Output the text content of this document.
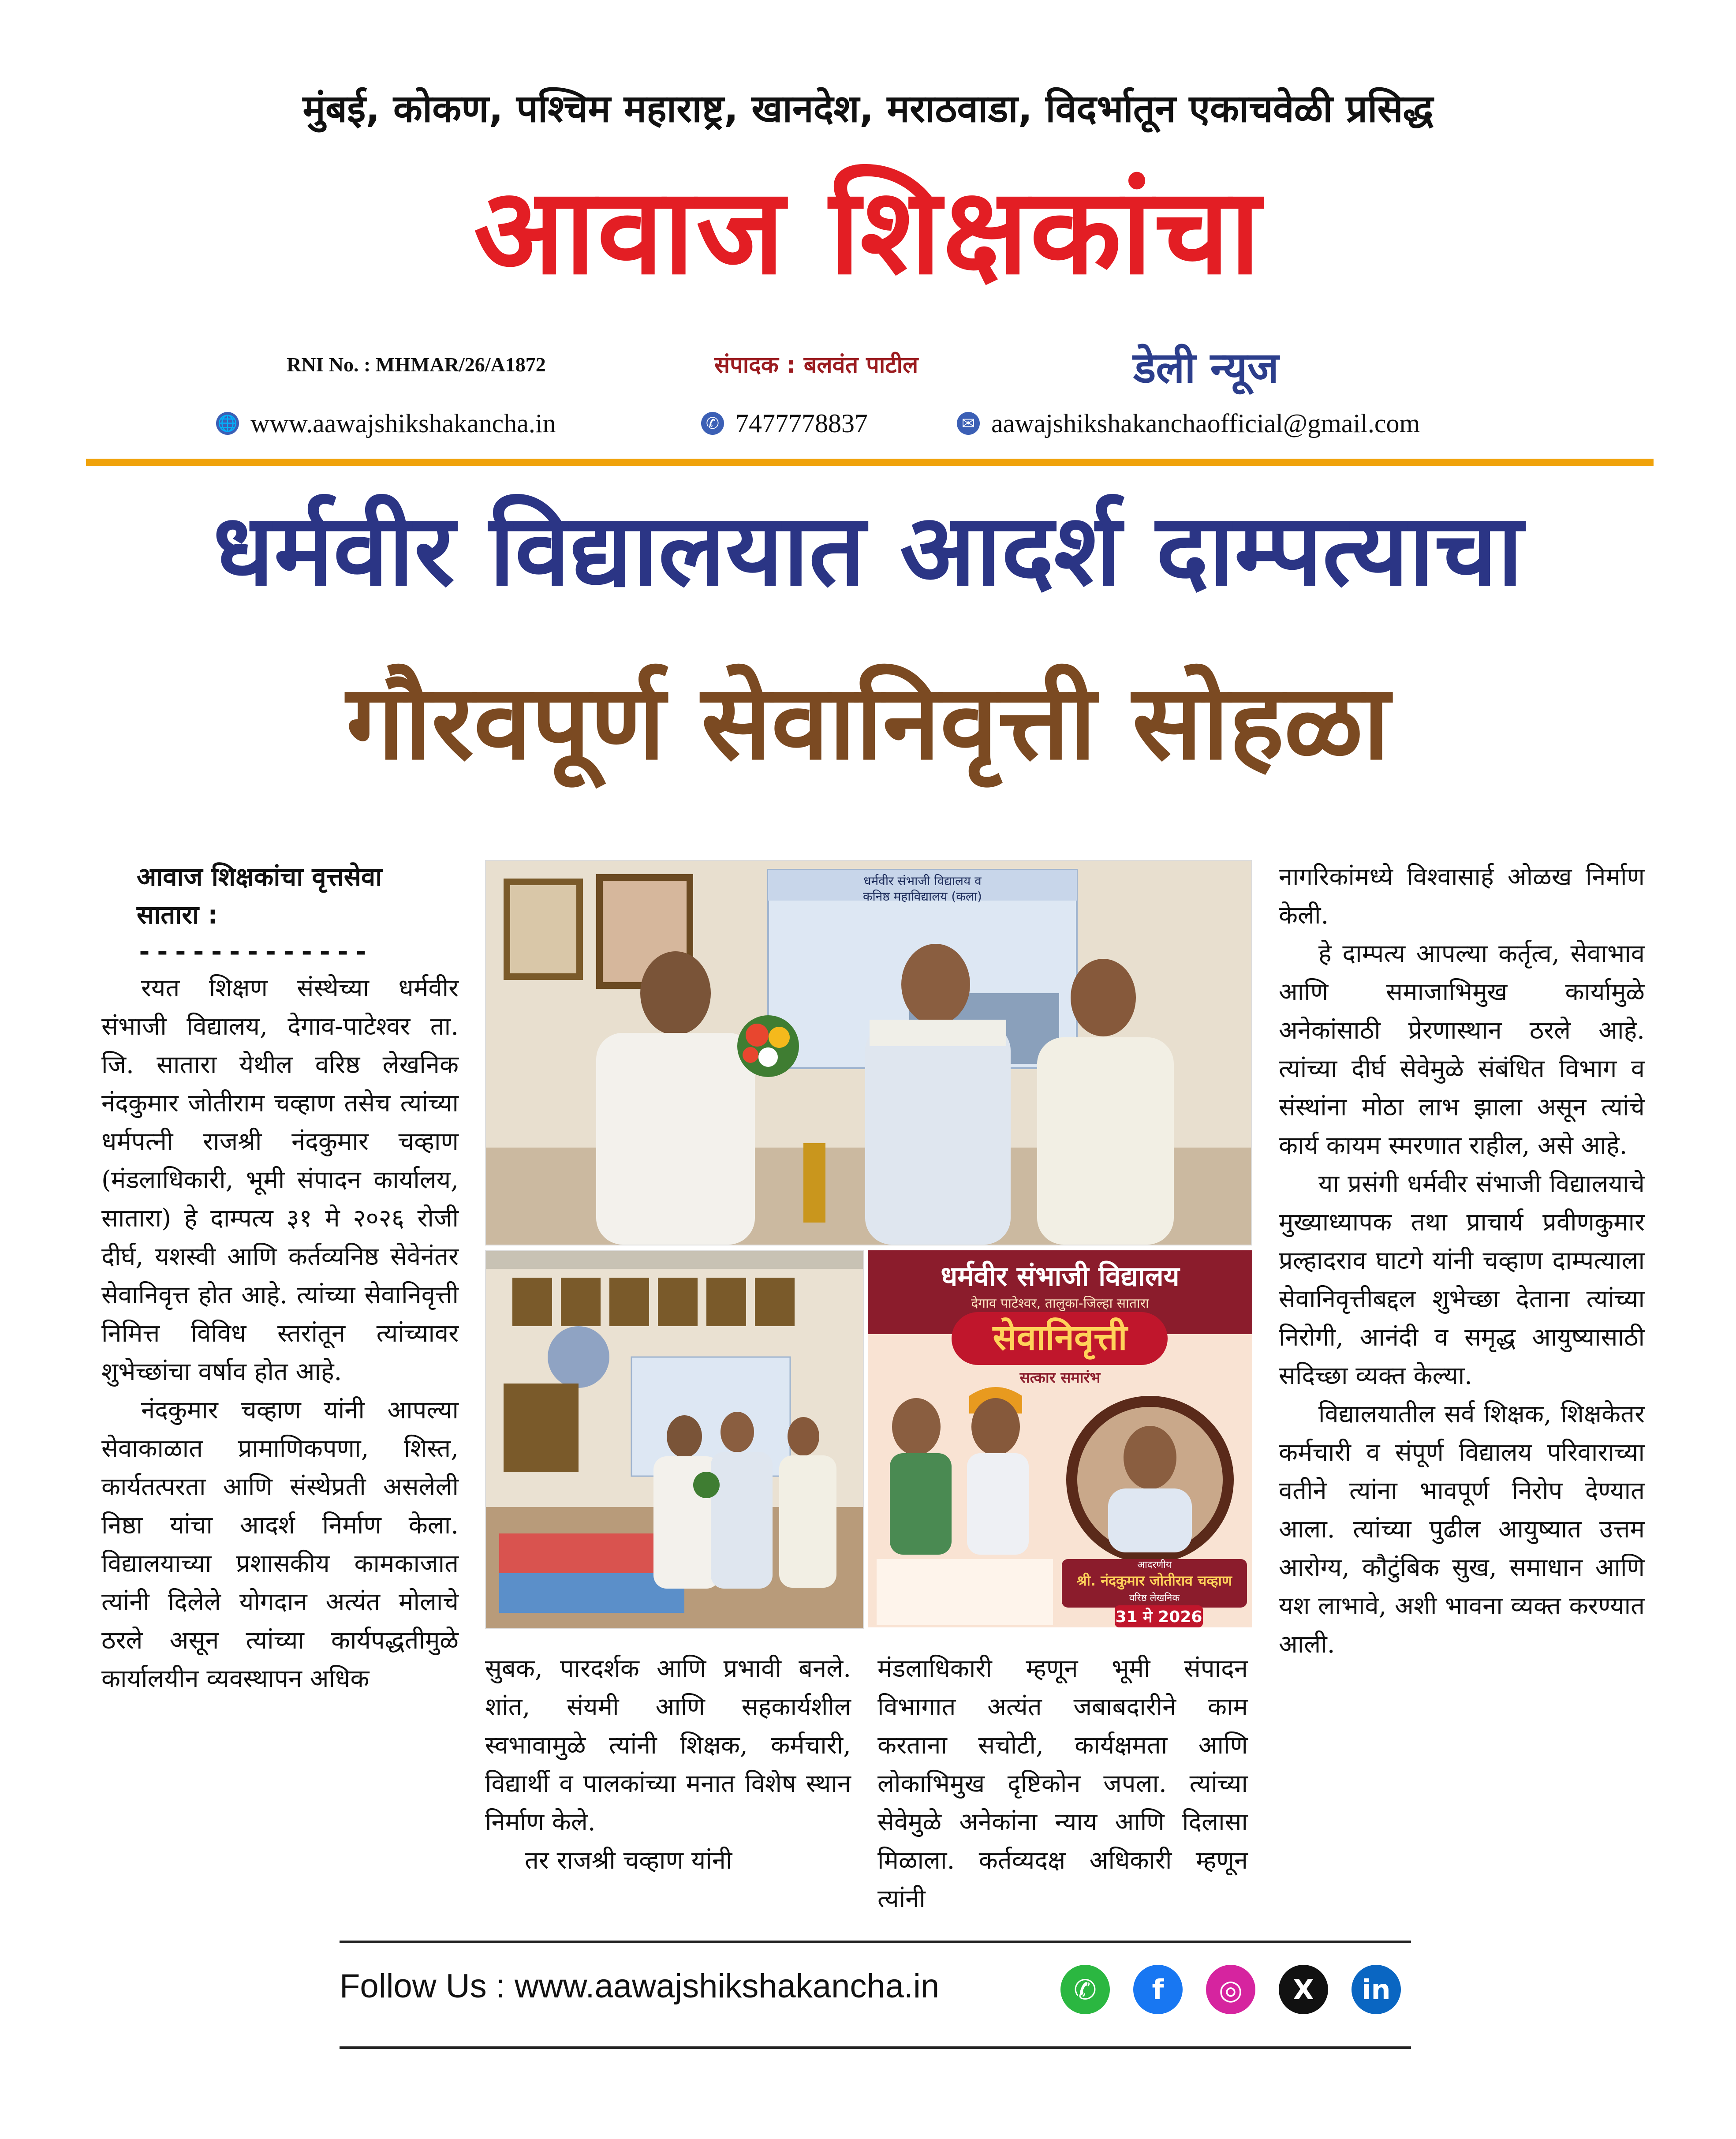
मुंबई, कोकण, पश्चिम महाराष्ट्र, खानदेश, मराठवाडा, विदर्भातून एकाचवेळी प्रसिद्ध
आवाज शिक्षकांचा
RNI No. : MHMAR/26/A1872	संपादक : बलवंत पाटील	डेली न्यूज
🌐 www.aawajshikshakancha.in	✆ 7477778837	✉ aawajshikshakanchaofficial@gmail.com
धर्मवीर विद्यालयात आदर्श दाम्पत्याचा
गौरवपूर्ण सेवानिवृत्ती सोहळा
आवाज शिक्षकांचा वृत्तसेवा
सातारा :
-------------

रयत शिक्षण संस्थेच्या धर्मवीर संभाजी विद्यालय, देगाव-पाटेश्वर ता. जि. सातारा येथील वरिष्ठ लेखनिक नंदकुमार जोतीराम चव्हाण तसेच त्यांच्या धर्मपत्नी राजश्री नंदकुमार चव्हाण (मंडलाधिकारी, भूमी संपादन कार्यालय, सातारा) हे दाम्पत्य ३१ मे २०२६ रोजी दीर्घ, यशस्वी आणि कर्तव्यनिष्ठ सेवेनंतर सेवानिवृत्त होत आहे. त्यांच्या सेवानिवृत्ती निमित्त विविध स्तरांतून त्यांच्यावर शुभेच्छांचा वर्षाव होत आहे.

नंदकुमार चव्हाण यांनी आपल्या सेवाकाळात प्रामाणिकपणा, शिस्त, कार्यतत्परता आणि संस्थेप्रती असलेली निष्ठा यांचा आदर्श निर्माण केला. विद्यालयाच्या प्रशासकीय कामकाजात त्यांनी दिलेले योगदान अत्यंत मोलाचे ठरले असून त्यांच्या कार्यपद्धतीमुळे कार्यालयीन व्यवस्थापन अधिक

धर्मवीर संभाजी विद्यालय व
कनिष्ठ महाविद्यालय (कला)
धर्मवीर संभाजी विद्यालय
देगाव पाटेश्वर, तालुका-जिल्हा सातारा
सेवानिवृत्ती
सत्कार समारंभ
आदरणीय
श्री. नंदकुमार जोतीराव चव्हाण
वरिष्ठ लेखनिक
31 मे 2026

सुबक, पारदर्शक आणि प्रभावी बनले. शांत, संयमी आणि सहकार्यशील स्वभावामुळे त्यांनी शिक्षक, कर्मचारी, विद्यार्थी व पालकांच्या मनात विशेष स्थान निर्माण केले.

तर राजश्री चव्हाण यांनी

मंडलाधिकारी म्हणून भूमी संपादन विभागात अत्यंत जबाबदारीने काम करताना सचोटी, कार्यक्षमता आणि लोकाभिमुख दृष्टिकोन जपला. त्यांच्या सेवेमुळे अनेकांना न्याय आणि दिलासा मिळाला. कर्तव्यदक्ष अधिकारी म्हणून त्यांनी

नागरिकांमध्ये विश्वासार्ह ओळख निर्माण केली.

हे दाम्पत्य आपल्या कर्तृत्व, सेवाभाव आणि समाजाभिमुख कार्यामुळे अनेकांसाठी प्रेरणास्थान ठरले आहे. त्यांच्या दीर्घ सेवेमुळे संबंधित विभाग व संस्थांना मोठा लाभ झाला असून त्यांचे कार्य कायम स्मरणात राहील, असे आहे.

या प्रसंगी धर्मवीर संभाजी विद्यालयाचे मुख्याध्यापक तथा प्राचार्य प्रवीणकुमार प्रल्हादराव घाटगे यांनी चव्हाण दाम्पत्याला सेवानिवृत्तीबद्दल शुभेच्छा देताना त्यांच्या निरोगी, आनंदी व समृद्ध आयुष्यासाठी सदिच्छा व्यक्त केल्या.

विद्यालयातील सर्व शिक्षक, शिक्षकेतर कर्मचारी व संपूर्ण विद्यालय परिवाराच्या वतीने त्यांना भावपूर्ण निरोप देण्यात आला. त्यांच्या पुढील आयुष्यात उत्तम आरोग्य, कौटुंबिक सुख, समाधान आणि यश लाभावे, अशी भावना व्यक्त करण्यात आली.

Follow Us : www.aawajshikshakancha.in	✆	f	◎	X	in
